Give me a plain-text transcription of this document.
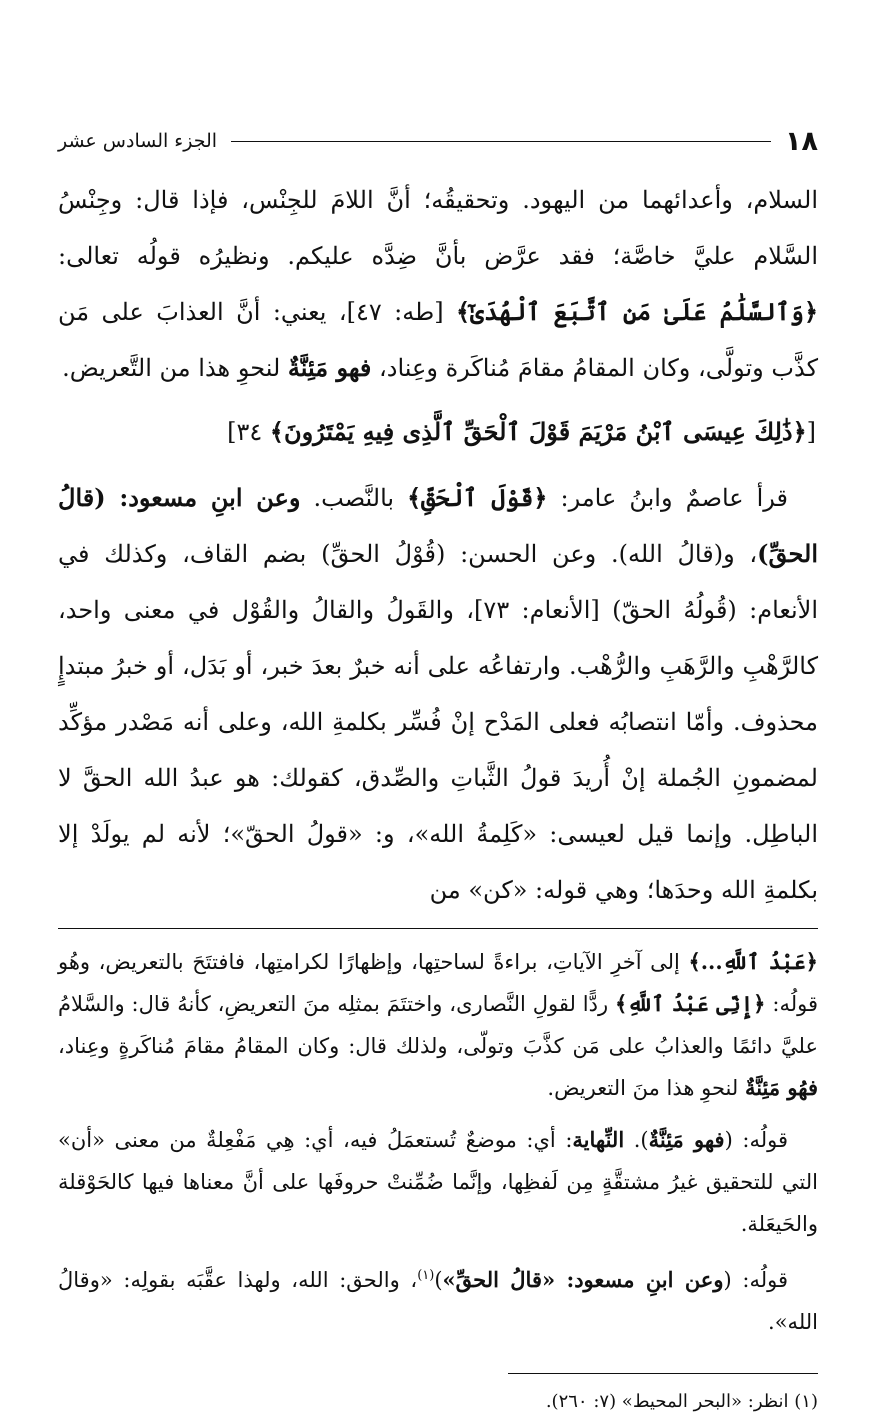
١٨
الجزء السادس عشر

السلام، وأعدائهما من اليهود. وتحقيقُه؛ أنَّ اللامَ للجِنْس، فإذا قال: وجِنْسُ السَّلام عليَّ خاصَّة؛ فقد عرَّض بأنَّ ضِدَّه عليكم. ونظيرُه قولُه تعالى: ﴿وَٱلسَّلَٰمُ عَلَىٰ مَنِ ٱتَّبَعَ ٱلْهُدَىٰٓ﴾ [طه: ٤٧]، يعني: أنَّ العذابَ على مَن كذَّب وتولَّى، وكان المقامُ مقامَ مُناكَرة وعِناد، فهو مَئِنَّةٌ لنحوِ هذا من التَّعريض.

[﴿ذَٰلِكَ عِيسَى ٱبْنُ مَرْيَمَ قَوْلَ ٱلْحَقِّ ٱلَّذِى فِيهِ يَمْتَرُونَ﴾ ٣٤]

قرأ عاصمٌ وابنُ عامر: ﴿قَوْلَ ٱلْحَقِّ﴾ بالنَّصب. وعن ابنِ مسعود: (قالُ الحقِّ)، و(قالُ الله). وعن الحسن: (قُوْلُ الحقِّ) بضم القاف، وكذلك في الأنعام: (قُولُهُ الحقّ) [الأنعام: ٧٣]، والقَولُ والقالُ والقُوْل في معنى واحد، كالرَّهْبِ والرَّهَبِ والرُّهْب. وارتفاعُه على أنه خبرٌ بعدَ خبر، أو بَدَل، أو خبرُ مبتدإٍ محذوف. وأمّا انتصابُه فعلى المَدْح إنْ فُسِّر بكلمةِ الله، وعلى أنه مَصْدر مؤكِّد لمضمونِ الجُملة إنْ أُريدَ قولُ الثَّباتِ والصِّدق، كقولك: هو عبدُ الله الحقَّ لا الباطِل. وإنما قيل لعيسى: «كَلِمةُ الله»، و: «قولُ الحقّ»؛ لأنه لم يولَدْ إلا بكلمةِ الله وحدَها؛ وهي قوله: «كن» من

﴿عَبْدُ ٱللَّهِ...﴾ إلى آخرِ الآياتِ، براءةً لساحتِها، وإظهارًا لكرامتِها، فافتتَحَ بالتعريض، وهُو قولُه: ﴿إِنِّى عَبْدُ ٱللَّهِ﴾ ردًّا لقولِ النَّصارى، واختتَمَ بمثلِه منَ التعريضِ، كأنهُ قال: والسَّلامُ عليَّ دائمًا والعذابُ على مَن كذَّبَ وتولّى، ولذلك قال: وكان المقامُ مقامَ مُناكَرةٍ وعِناد، فهُو مَئِنَّةٌ لنحوِ هذا منَ التعريض.

قولُه: (فهو مَئِنَّةٌ). النِّهاية: أي: موضعٌ تُستعمَلُ فيه، أي: هِي مَفْعِلةٌ من معنى «أن» التي للتحقيق غيرُ مشتقَّةٍ مِن لَفظِها، وإنَّما ضُمِّنتْ حروفَها على أنَّ معناها فيها كالحَوْقلة والحَيعَلة.

قولُه: (وعن ابنِ مسعود: «قالُ الحقِّ»)$^{(١)}$، والحق: الله، ولهذا عقَّبَه بقولِه: «وقالُ الله».

(١) انظر: «البحر المحيط» (٧: ٢٦٠).
